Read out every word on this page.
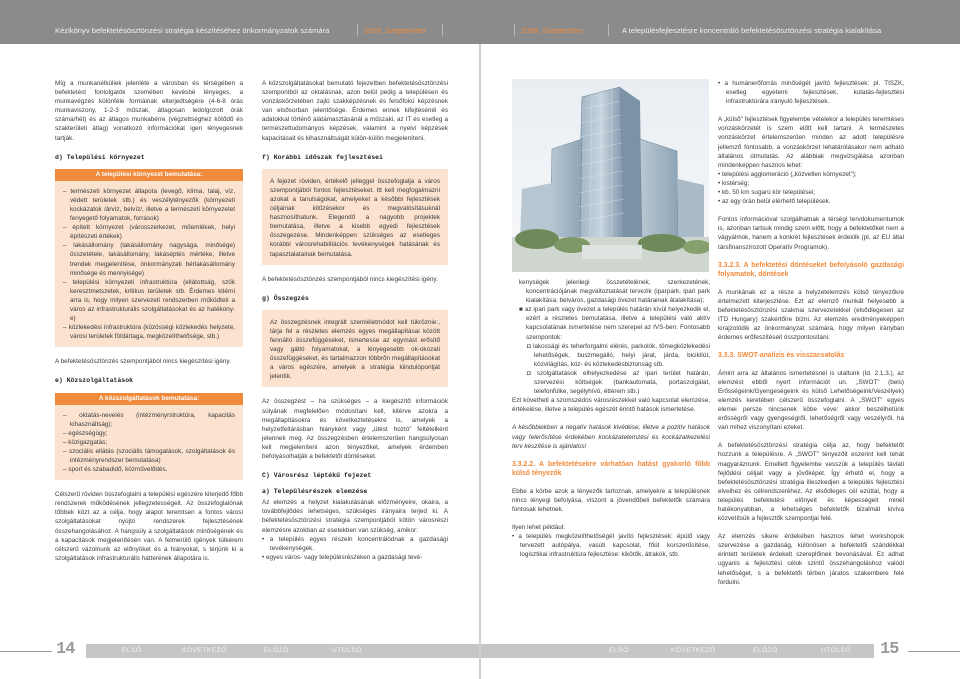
Kézikönyv befektetésösztönzési stratégia készítéséhez önkormányzatok számára	2009. Szeptember	2009. Szeptember	A településfejlesztésre koncentráló befektetésösztönzési stratégia kialakítása

Míg a munkanélküliek jelenléte a városban és térségében a befektetést fontolgatók szemében kevésbé lényeges, a munkavégzés különféle formáinak elterjedtségére (4-6-8 órás munkaviszony, 1-2-3 műszak, átlagosan ledolgozott órák száma/hét) és az átlagos munkabérre (végzettséghez kötődő és szakterületi átlag) vonatkozó információkat igen lényegesnek tartják.

d) Települési környezet
A települési környezet bemutatása:
– természeti környezet állapota (levegő, klíma, talaj, víz, védett területek stb.) és veszélytényezők (környezeti kockázatok /árvíz, belvíz/, illetve a természeti környezetet fenyegető folyamatok, források)
– épített környezet (városszerkezet, műemlékek, helyi építészeti értékek)
– lakásállomány (lakásállomány nagysága, minősége) összetétele, lakásállomány, lakáséptés mértéke, illetve trendek megjelenítése, önkormányzati bérlakásállomány minősége és mennyisége)
– települési környezeti infrastruktúra (ellátottság, szűk keresztmetszetek, kritikus területek stb. Érdemes kitérni arra is, hogy milyen szervezeti rendszerben működteti a város az infrastrukturális szolgáltatásokat és az hatékony-e)
– közlekedési infrastruktúra (közösségi közlekedés helyzete, városi területek földártaga, megközelíthetősége, stb.)

A befektetésösztönzés szempontjából nincs kiegészítési igény.

e) Közszolgáltatások
A közszolgáltatások bemutatása:
– oktatás-nevelés (intézményrstruktúra, kapacitás kihasználtság);
– egészségügy;
– közigazgatás;
– szociális ellátás (szociális támogatások, szolgáltatások és intézményrendszer bemutatása)
– sport és szabadidő, közművelődés.

Célszerű röviden összefoglalni a települési egészére kiterjedő főbb rendszerek működésének jellegzetességeit. Az összefoglalónak tőbbek közt az a célja, hogy alapot teremtsen a fontos városi szolgáltatásokat nyújtó rendszerek fejlesztésének összehangolásához. A hangsúly a szolgáltatások minőségének és a kapacitások megjelenítésén van. A felmerülő igények túlkérem célszerű vázolnunk az előnyöket és a hiányokat, s térjünk ki a szolgáltatások infrastrukturális hátterének állapotára is.

A közszolgáltatásokat bemutató fejezetben befektetésösztönzési szempontból az oktatásnak, azon belül pedig a településen és vonzáskörzetében zajló szakképzésnek és felsőfokú képzésnek van elsősorban jelentősége. Érdemes ennek kifejtésénél és adatokkal történő alátámasztásánál a műszaki, az IT és esetleg a természettudományos képzések, valamint a nyelvi képzések kapacitásait és kihasználtságát külön-külön megjeleníteni.

f) Korábbi időszak fejlesztései
A fejezet röviden, értékelő jelleggel összefoglalja a város szempontjából fontos fejlesztéseket. Itt kell megfogalmazni azokat a tanulságokat, amelyeket a későbbi fejlesztések céljainak kitűzésekor és megvalósításuknál hasznosíthatunk. Elegendő a nagyobb projektek bemutatása, illetve a kisebb egyedi fejlesztések összegezése. Mindenképpen szükséges az esetleges korábbi városrehabilitációs tevékenységek hatásának és tapasztalatainak bemutatása.

A befektetésösztönzés szempontjából nincs kiegészítési igény.

g) Összegzés
Az összegzésnek integrált szemléletmódot kell tükröznie:, tárja fel a részletes elemzés egyes megállapításai között fennálló összefüggéseket, ismertesse az egymást erősítő vagy gátló folyamatokat, a lényegesebb ok-okozati összefüggéseket, és tartalmazzon többrőn megállapításokat a város egészére, amelyek a stratégia kiindulópontját jelentik.

Az összegzést – ha szükséges – a kiegészítő információk súlyának megfelelően módosítani kell, kitérve azokra a megállapításokra és következtetésekre is, amelyek a helyzetfeltárásban hiányként vagy „ütést hoztó” feltételként jelennek meg. Az összegzésben értelemszerűen hangsúlyosan kell megjeleníteni azon tényezőket, amelyek érdemben befolyásolhatják a befektetői döntéseket.

C) Városrész léptékű fejezet
a) Településrészek elemzése

Az elemzés a helyzet kialakulásának előzményeire, okaira, a továbbfejlődés lehetséges, szükséges irányaira terjed ki. A befektetésösztönzési stratégia szempontjából kötön városrészi elemzésre azokban az esetekben van szükség, amikor:

• a település egyes részein koncentrálódnak a gazdasági tevékenységek.
• egyes város- vagy településrészeken a gazdasági tevé-
kenységek jelenlegi összetételének, szerkezetének, koncentrációjának megváltoztatását tervezik (iparpark, ipari park kialakítása; belváros, gazdasági övezet határainak átalakítása);
■ az ipari park vagy övezet a település határán kívül helyezkedik el, ezért a részletes bemutatása, illetve a települési való aktív kapcsolatának ismertetése nem szerepel az IVS-ben: Fontosabb szempontok:
◘ lakossági és teherforgalmi elérés, parkolók, tömegközlekedési lehetőségek, buszmegálló, helyi járat, járda, biciklíút, közvilágítás, köz- és közlekedésbiztonság stb.
◘ szolgáltatások elhelyezkedése az ipari terület határán, szervezési költségek (bankautomata, portaszolgálat, telefonfülke, segélyhívó, étterem stb.)

Ezt követheti a szomszédos városrészekkel való kapcsolat elemzése, értékelése, illetve a település egészét érintő hatások ismertetése.

A későbbiekben a negatív hatások kivédése, illetve a pozitív hatások vagy felerősítése érdekében kockázatelemzési és kockázatkezelési terv készítése is ajánlatos!

3.3.2.2. A befektetésekre várhatóan hatást gyakorló főbb külső tényezők

Ebbe a körbe azok a tényezők tartoznak, amelyekre a településnek nincs lényegi befolyása, viszont a jövendőbeli befektetők számára fontosak lehetnek.

Ilyen lehet például:

• a település megközelíthetőségét javító fejlesztések: épülő vagy tervezett autópálya, vasúti kapcsolat, főút korszerűsítése, logisztikai infrastruktúra fejlesztése: kikötők, átrakók, stb.
• a humánerőforrás minőségét javító fejlesztések: pl. TISZK, esetleg egyetemi fejlesztések, kutatás-fejlesztési infrastruktúrára irányuló fejlesztések.

A „külső” fejlesztések figyelembe vételekor a település teremtéses vonzáskörzetét is szem előtt kell tartani. A természetes vonzáskörzet értelemszerűen minden az adott településre jellemző fontosabb, a vonzáskörzet lehatárolásakor nem adható általános útmutatás. Az alábbiak megvizsgálása azonban mindenképpen hasznos lehet:

• települési agglomeráció („közvetlen környezet”);
• kistérség;
• kb. 50 km sugarú kör települései;
• az egy órán belül elérhető települések.

Fontos információval szolgálhatnak a térségi tervdokumentumok is, azonban tartsuk mindig szem előtt, hogy a befektetőket nem a vágyálmok, hanem a konkrét fejlesztések érdeklik (pl. az EU által társfinanszírozott Operatív Programok).

3.3.2.3. A befektetési döntéseket befolyásoló gazdasági folyamatok, döntések

A munkának ez a része a helyzetelemzés külső tényezőkre értelmezett kiterjesztése. Ezt az elemző munkát helyesebb a befektetésösztönzési szakmai szervezetekkel (elsődlegesen az ITD Hungary) szakértőire bízni. Az elemzés eredményeképpen kirajzolódik az önkormányzat számára, hogy milyen irányban érdemes erőfeszítéseit összpontosítani.

3.3.3. SWOT-analízis és visszacsatolás

Ámint arra az általános ismertetésnél is utaltunk (Id. 2.1.3.), az elemzést ebből nyert információt un. „SWOT” (bels) Erősségeink/Gyengeségeink és külső Lehetőségeink/Veszélyek) elemzés keretében célszerű összefoglalni. A „SWOT” egyes elemei persze nincsenek köbe véve: akkor beszélhetünk erősségről vagy gyengeségről, lehetőségről vagy veszélyről, ha van mihez viszonyítani ezeket.

A befektetésösztönzési stratégia célja az, hogy befektetőt hozzunk a településre. A „SWOT” tényezőit eszerint kell tehát magyaráznunk. Emellett figyelembe vesszük a település távlati fejlődési céljait vagy a jövőképet. Így érhető el, hogy a befektetésösztönzési stratégia illeszkedjen a település fejlesztési elveihez és célrendszeréhez. Az elsődleges cél ezúttal, hogy a település befektetési előnyeit és képességeit minél hatékonyabban, a lehetséges befektetők bizalmát kivíva közvetítsük a fejlesztők szempontjai felé.

Az elemzés sikere érdekében hasznos lehet workshopok szervezése a gazdaság, különösen a befektetői szándékkal érintett területek érdekelt szereplőinek bevonásával. Ez adhat ugyanis a fejlesztési célok szintű összehangoláshoz valódi lehetőséget, s a befektetői térben járatos szakembere felé fordulni.

14	ELSŐ	KÖVETKEZŐ	ELŐZŐ	UTOLSÓ	ELSŐ	KÖVETKEZŐ	ELŐZŐ	UTOLSÓ 15
